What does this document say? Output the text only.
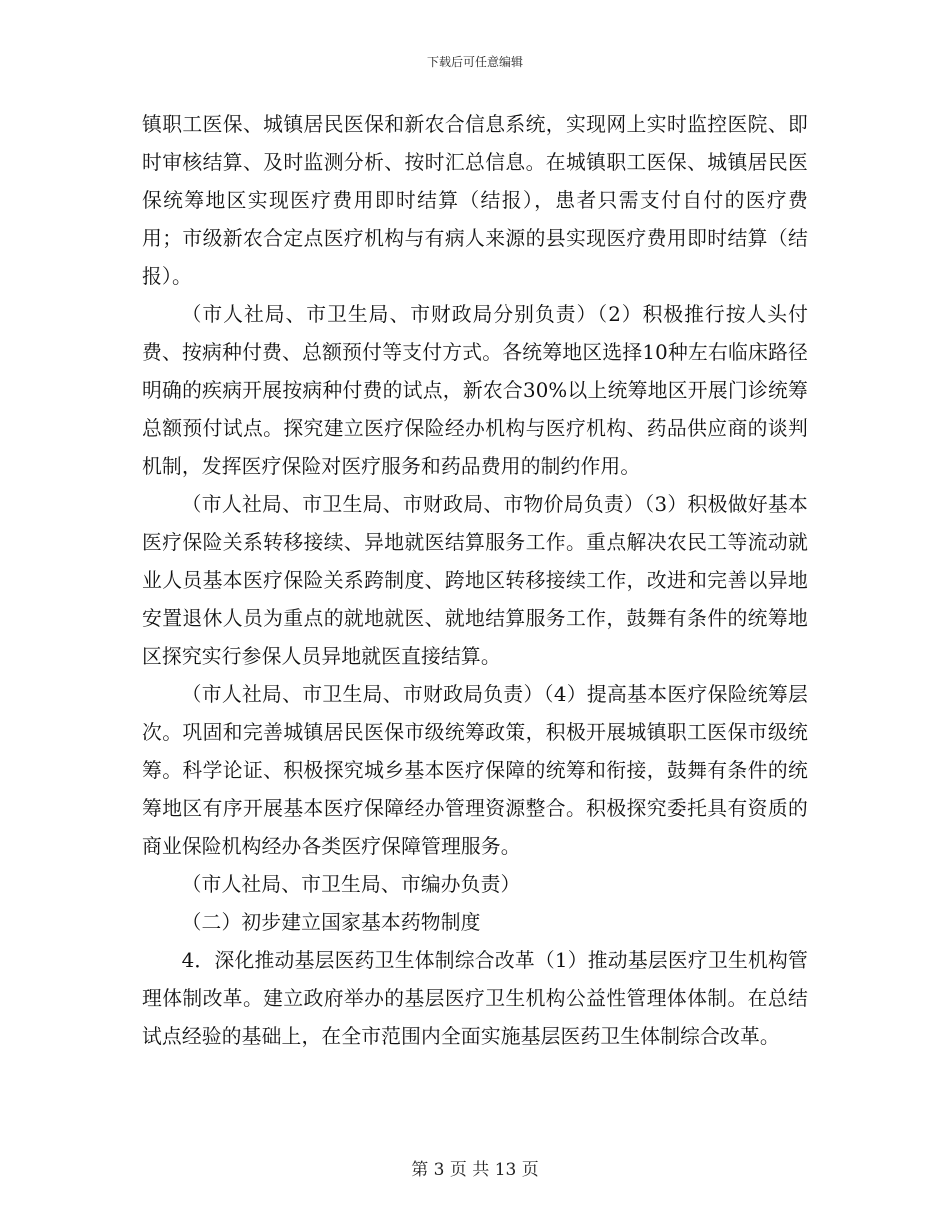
下载后可任意编辑

镇职工医保、城镇居民医保和新农合信息系统，实现网上实时监控医院、即时审核结算、及时监测分析、按时汇总信息。在城镇职工医保、城镇居民医保统筹地区实现医疗费用即时结算（结报），患者只需支付自付的医疗费用；市级新农合定点医疗机构与有病人来源的县实现医疗费用即时结算（结报）。

（市人社局、市卫生局、市财政局分别负责）（2）积极推行按人头付费、按病种付费、总额预付等支付方式。各统筹地区选择10种左右临床路径明确的疾病开展按病种付费的试点，新农合30%以上统筹地区开展门诊统筹总额预付试点。探究建立医疗保险经办机构与医疗机构、药品供应商的谈判机制，发挥医疗保险对医疗服务和药品费用的制约作用。

（市人社局、市卫生局、市财政局、市物价局负责）（3）积极做好基本医疗保险关系转移接续、异地就医结算服务工作。重点解决农民工等流动就业人员基本医疗保险关系跨制度、跨地区转移接续工作，改进和完善以异地安置退休人员为重点的就地就医、就地结算服务工作，鼓舞有条件的统筹地区探究实行参保人员异地就医直接结算。

（市人社局、市卫生局、市财政局负责）（4）提高基本医疗保险统筹层次。巩固和完善城镇居民医保市级统筹政策，积极开展城镇职工医保市级统筹。科学论证、积极探究城乡基本医疗保障的统筹和衔接，鼓舞有条件的统筹地区有序开展基本医疗保障经办管理资源整合。积极探究委托具有资质的商业保险机构经办各类医疗保障管理服务。

（市人社局、市卫生局、市编办负责）

（二）初步建立国家基本药物制度

4．深化推动基层医药卫生体制综合改革（1）推动基层医疗卫生机构管理体制改革。建立政府举办的基层医疗卫生机构公益性管理体体制。在总结试点经验的基础上，在全市范围内全面实施基层医药卫生体制综合改革。

第 3 页 共 13 页
